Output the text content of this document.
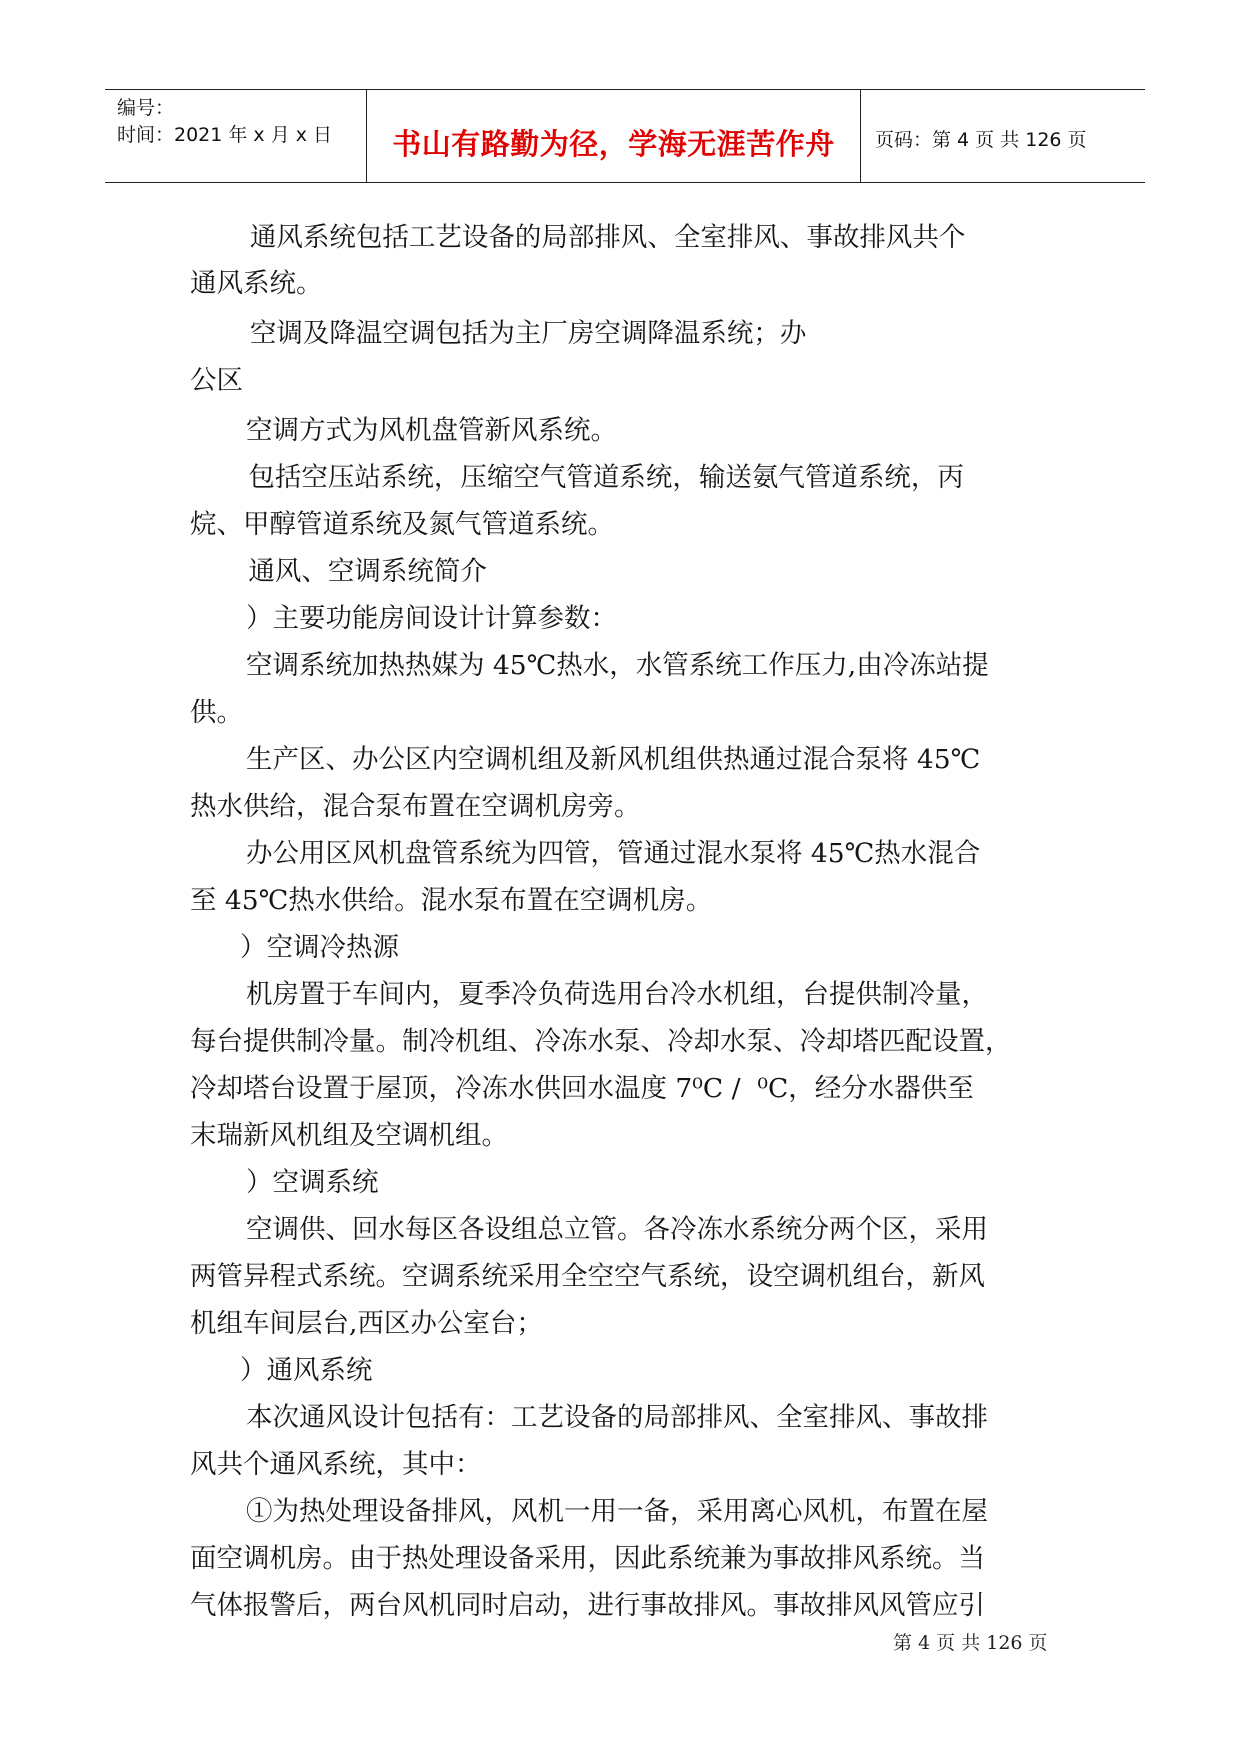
编号：
时间：2021 年 x 月 x 日	书山有路勤为径，学海无涯苦作舟	页码：第 4 页 共 126 页
通风系统包括工艺设备的局部排风、全室排风、事故排风共个
通风系统。
空调及降温空调包括为主厂房空调降温系统；办
公区
空调方式为风机盘管新风系统。
包括空压站系统，压缩空气管道系统，输送氨气管道系统，丙
烷、甲醇管道系统及氮气管道系统。
通风、空调系统简介
）主要功能房间设计计算参数：
空调系统加热热媒为 45℃热水，水管系统工作压力,由冷冻站提
供。
生产区、办公区内空调机组及新风机组供热通过混合泵将 45℃
热水供给，混合泵布置在空调机房旁。
办公用区风机盘管系统为四管，管通过混水泵将 45℃热水混合
至 45℃热水供给。混水泵布置在空调机房。
）空调冷热源
机房置于车间内，夏季冷负荷选用台冷水机组，台提供制冷量，
每台提供制冷量。制冷机组、冷冻水泵、冷却水泵、冷却塔匹配设置，
冷却塔台设置于屋顶，冷冻水供回水温度 7⁰C /  ⁰C，经分水器供至
末瑞新风机组及空调机组。
）空调系统
空调供、回水每区各设组总立管。各冷冻水系统分两个区，采用
两管异程式系统。空调系统采用全空空气系统，设空调机组台，新风
机组车间层台,西区办公室台；
）通风系统
本次通风设计包括有：工艺设备的局部排风、全室排风、事故排
风共个通风系统，其中：
①为热处理设备排风，风机一用一备，采用离心风机，布置在屋
面空调机房。由于热处理设备采用，因此系统兼为事故排风系统。当
气体报警后，两台风机同时启动，进行事故排风。事故排风风管应引
第 4 页 共 126 页
